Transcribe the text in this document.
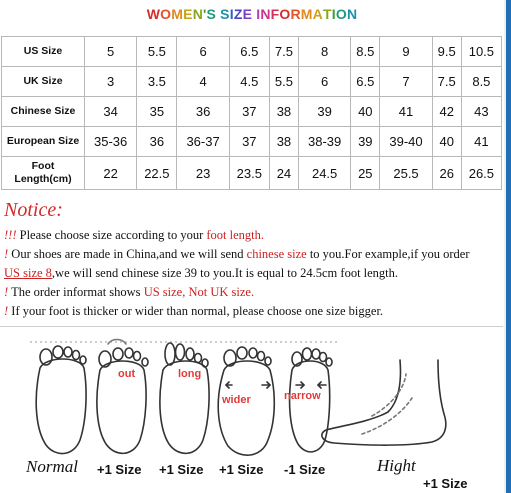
WOMEN'S SIZE INFORMATION
US Size	5	5.5	6	6.5	7.5	8	8.5	9	9.5	10.5
UK Size	3	3.5	4	4.5	5.5	6	6.5	7	7.5	8.5
Chinese Size	34	35	36	37	38	39	40	41	42	43
European Size	35-36	36	36-37	37	38	38-39	39	39-40	40	41
Foot
Length(cm)	22	22.5	23	23.5	24	24.5	25	25.5	26	26.5
Notice:
!!! Please choose size according to your foot length.
! Our shoes are made in China,and we will send chinese size to you.For example,if you order
US size 8,we will send chinese size 39 to you.It is equal to 24.5cm foot length.
! The order informat shows US size, Not UK size.
! If your foot is thicker or wider than normal, please choose one size bigger.
out	long
wider	narrow
Normal +1 Size +1 Size +1 Size -1 Size	Hight
+1 Size
